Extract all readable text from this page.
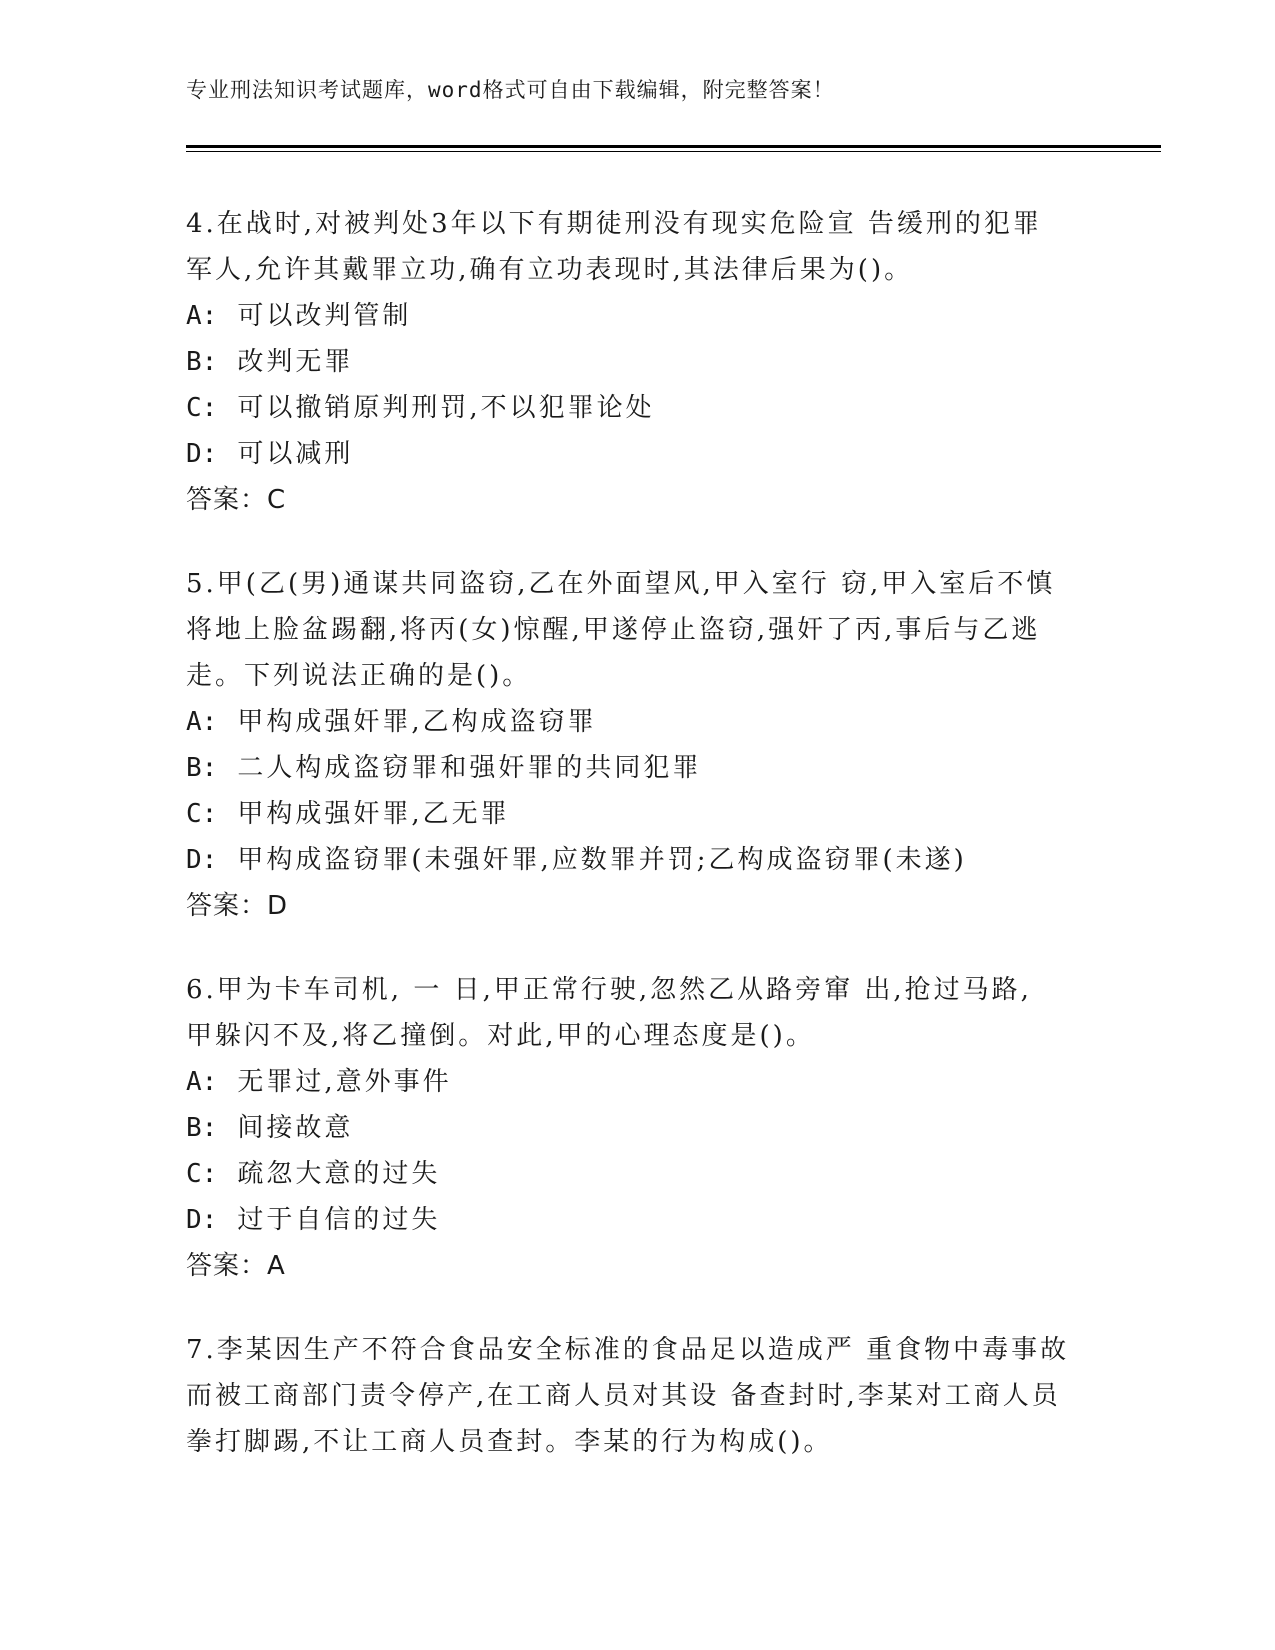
专业刑法知识考试题库，word格式可自由下载编辑，附完整答案！
4.在战时,对被判处3年以下有期徒刑没有现实危险宣 告缓刑的犯罪
军人,允许其戴罪立功,确有立功表现时,其法律后果为()。
A: 可以改判管制
B: 改判无罪
C: 可以撤销原判刑罚,不以犯罪论处
D: 可以减刑
答案：C
5.甲(乙(男)通谋共同盗窃,乙在外面望风,甲入室行 窃,甲入室后不慎
将地上脸盆踢翻,将丙(女)惊醒,甲遂停止盗窃,强奸了丙,事后与乙逃
走。下列说法正确的是()。
A: 甲构成强奸罪,乙构成盗窃罪
B: 二人构成盗窃罪和强奸罪的共同犯罪
C: 甲构成强奸罪,乙无罪
D: 甲构成盗窃罪(未强奸罪,应数罪并罚;乙构成盗窃罪(未遂)
答案：D
6.甲为卡车司机, 一 日,甲正常行驶,忽然乙从路旁窜 出,抢过马路,
甲躲闪不及,将乙撞倒。对此,甲的心理态度是()。
A: 无罪过,意外事件
B: 间接故意
C: 疏忽大意的过失
D: 过于自信的过失
答案：A
7.李某因生产不符合食品安全标准的食品足以造成严 重食物中毒事故
而被工商部门责令停产,在工商人员对其设 备查封时,李某对工商人员
拳打脚踢,不让工商人员查封。李某的行为构成()。
